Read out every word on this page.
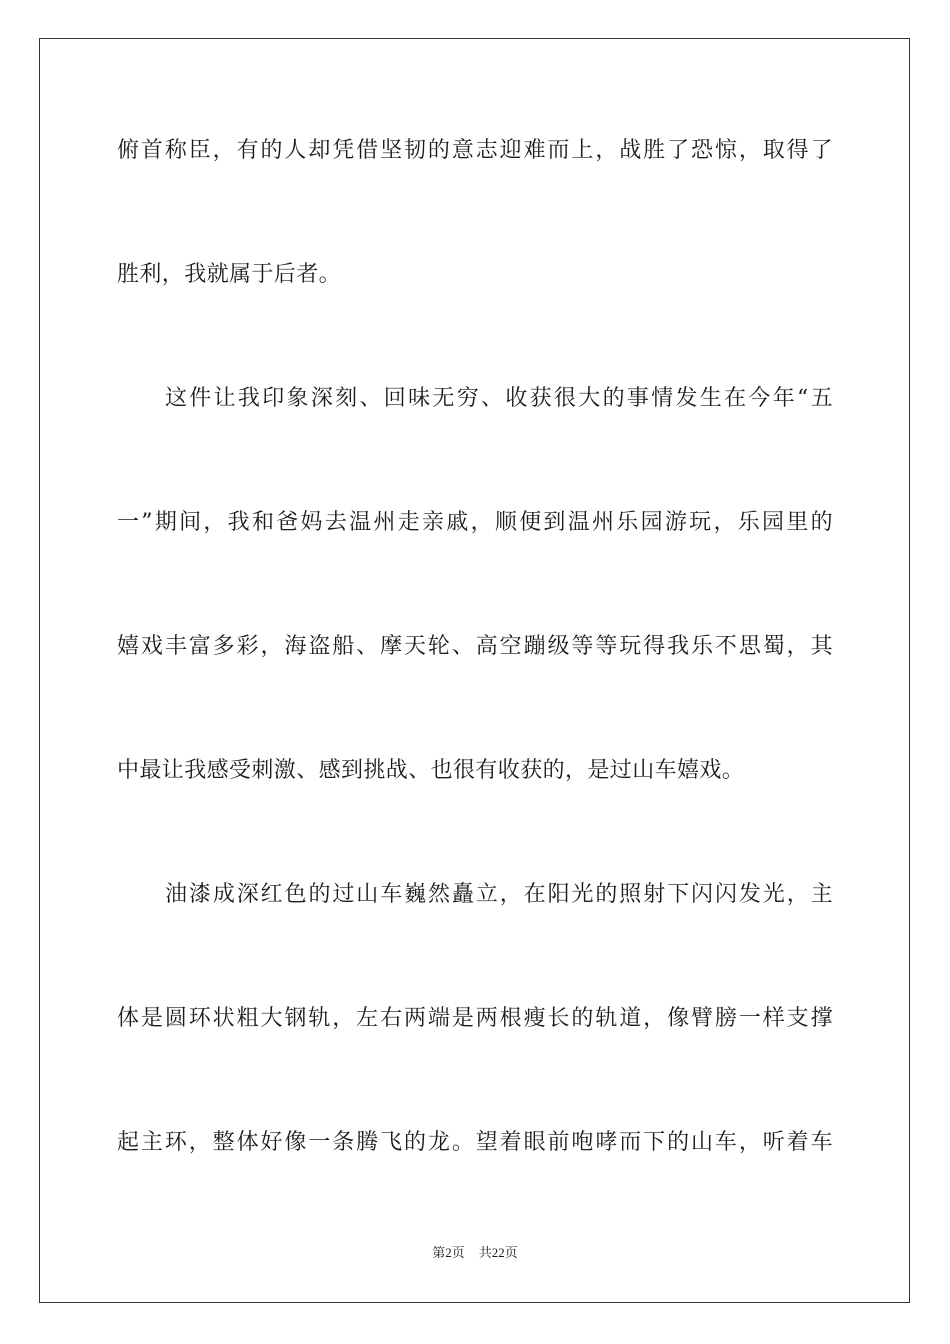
俯首称臣，有的人却凭借坚韧的意志迎难而上，战胜了恐惊，取得了
胜利，我就属于后者。
这件让我印象深刻、回味无穷、收获很大的事情发生在今年“五
一”期间，我和爸妈去温州走亲戚，顺便到温州乐园游玩，乐园里的
嬉戏丰富多彩，海盗船、摩天轮、高空蹦级等等玩得我乐不思蜀，其
中最让我感受刺激、感到挑战、也很有收获的，是过山车嬉戏。
油漆成深红色的过山车巍然矗立，在阳光的照射下闪闪发光，主
体是圆环状粗大钢轨，左右两端是两根瘦长的轨道，像臂膀一样支撑
起主环，整体好像一条腾飞的龙。望着眼前咆哮而下的山车，听着车
第2页 共22页
